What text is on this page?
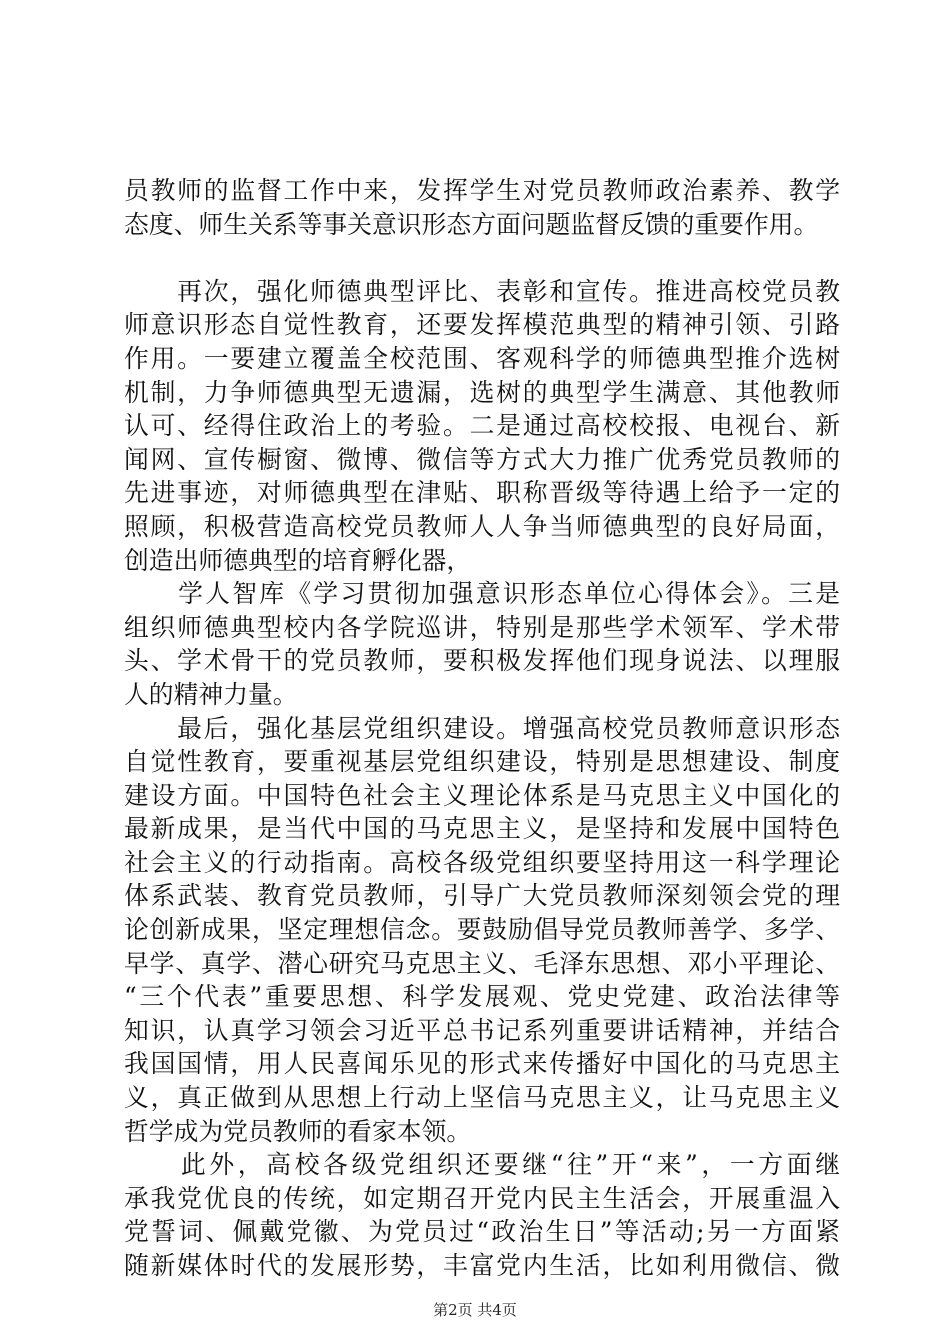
员教师的监督工作中来，发挥学生对党员教师政治素养、教学
态度、师生关系等事关意识形态方面问题监督反馈的重要作用。
　　再次，强化师德典型评比、表彰和宣传。推进高校党员教
师意识形态自觉性教育，还要发挥模范典型的精神引领、引路
作用。一要建立覆盖全校范围、客观科学的师德典型推介选树
机制，力争师德典型无遗漏，选树的典型学生满意、其他教师
认可、经得住政治上的考验。二是通过高校校报、电视台、新
闻网、宣传橱窗、微博、微信等方式大力推广优秀党员教师的
先进事迹，对师德典型在津贴、职称晋级等待遇上给予一定的
照顾，积极营造高校党员教师人人争当师德典型的良好局面，
创造出师德典型的培育孵化器，
　　学人智库《学习贯彻加强意识形态单位心得体会》。三是
组织师德典型校内各学院巡讲，特别是那些学术领军、学术带
头、学术骨干的党员教师，要积极发挥他们现身说法、以理服
人的精神力量。
　　最后，强化基层党组织建设。增强高校党员教师意识形态
自觉性教育，要重视基层党组织建设，特别是思想建设、制度
建设方面。中国特色社会主义理论体系是马克思主义中国化的
最新成果，是当代中国的马克思主义，是坚持和发展中国特色
社会主义的行动指南。高校各级党组织要坚持用这一科学理论
体系武装、教育党员教师，引导广大党员教师深刻领会党的理
论创新成果，坚定理想信念。要鼓励倡导党员教师善学、多学、
早学、真学、潜心研究马克思主义、毛泽东思想、邓小平理论、
“三个代表”重要思想、科学发展观、党史党建、政治法律等
知识，认真学习领会习近平总书记系列重要讲话精神，并结合
我国国情，用人民喜闻乐见的形式来传播好中国化的马克思主
义，真正做到从思想上行动上坚信马克思主义，让马克思主义
哲学成为党员教师的看家本领。
　　此外，高校各级党组织还要继“往”开“来”，一方面继
承我党优良的传统，如定期召开党内民主生活会，开展重温入
党誓词、佩戴党徽、为党员过“政治生日”等活动;另一方面紧
随新媒体时代的发展形势，丰富党内生活，比如利用微信、微
第2页 共4页
